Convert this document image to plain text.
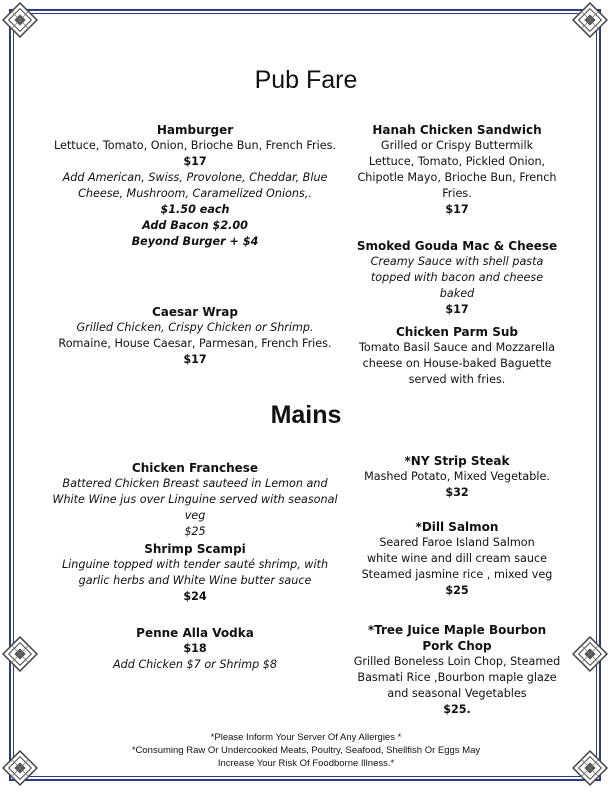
Pub Fare
Hamburger
Lettuce, Tomato, Onion, Brioche Bun, French Fries.
$17
Add American, Swiss, Provolone, Cheddar, Blue Cheese, Mushroom, Caramelized Onions,.
$1.50 each
Add Bacon $2.00
Beyond Burger + $4
Caesar Wrap
Grilled Chicken, Crispy Chicken or Shrimp.
Romaine, House Caesar, Parmesan, French Fries.
$17
Hanah Chicken Sandwich
Grilled or Crispy Buttermilk
Lettuce, Tomato, Pickled Onion, Chipotle Mayo, Brioche Bun, French Fries.
$17
Smoked Gouda Mac & Cheese
Creamy Sauce with shell pasta topped with bacon and cheese baked
$17
Chicken Parm Sub
Tomato Basil Sauce and Mozzarella cheese on House-baked Baguette served with fries.
Mains
Chicken Franchese
Battered Chicken Breast sauteed in Lemon and White Wine jus over Linguine served with seasonal veg
$25
Shrimp Scampi
Linguine topped with tender sauté shrimp, with garlic herbs and White Wine butter sauce
$24
Penne Alla Vodka
$18
Add Chicken $7 or Shrimp $8
*NY Strip Steak
Mashed Potato, Mixed Vegetable.
$32
*Dill Salmon
Seared Faroe Island Salmon
white wine and dill cream sauce
Steamed jasmine rice , mixed veg
$25
*Tree Juice Maple Bourbon Pork Chop
Grilled Boneless Loin Chop, Steamed Basmati Rice ,Bourbon maple glaze and seasonal Vegetables
$25.
*Please Inform Your Server Of Any Allergies *
*Consuming Raw Or Undercooked Meats, Poultry, Seafood, Shellfish Or Eggs May
Increase Your Risk Of Foodborne Illness.*
